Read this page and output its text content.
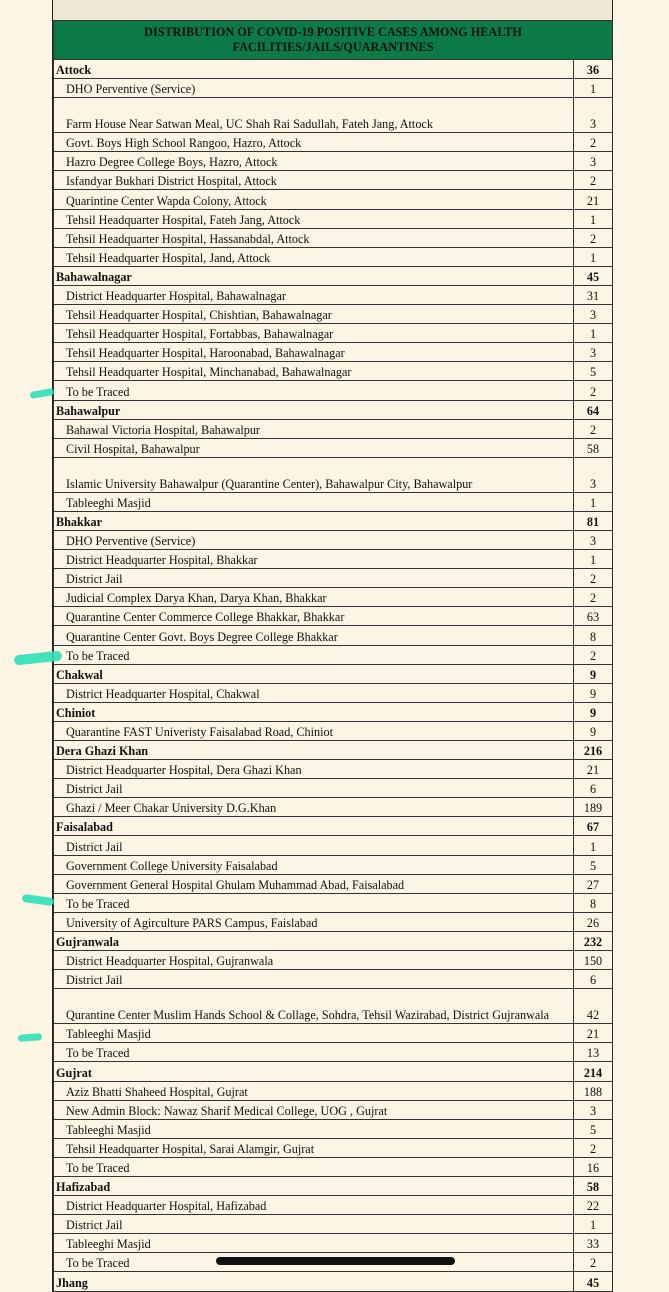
DISTRIBUTION OF COVID-19 POSITIVE CASES AMONG HEALTH FACILITIES/JAILS/QUARANTINES	
Attock	36
DHO Perventive (Service)	1
Farm House Near Satwan Meal, UC Shah Rai Sadullah, Fateh Jang, Attock	3
Govt. Boys High School Rangoo, Hazro, Attock	2
Hazro Degree College Boys, Hazro, Attock	3
Isfandyar Bukhari District Hospital, Attock	2
Quarintine Center Wapda Colony, Attock	21
Tehsil Headquarter Hospital, Fateh Jang, Attock	1
Tehsil Headquarter Hospital, Hassanabdal, Attock	2
Tehsil Headquarter Hospital, Jand, Attock	1
Bahawalnagar	45
District Headquarter Hospital, Bahawalnagar	31
Tehsil Headquarter Hospital, Chishtian, Bahawalnagar	3
Tehsil Headquarter Hospital, Fortabbas, Bahawalnagar	1
Tehsil Headquarter Hospital, Haroonabad, Bahawalnagar	3
Tehsil Headquarter Hospital, Minchanabad, Bahawalnagar	5
To be Traced	2
Bahawalpur	64
Bahawal Victoria Hospital, Bahawalpur	2
Civil Hospital, Bahawalpur	58
Islamic University Bahawalpur (Quarantine Center), Bahawalpur City, Bahawalpur	3
Tableeghi Masjid	1
Bhakkar	81
DHO Perventive (Service)	3
District Headquarter Hospital, Bhakkar	1
District Jail	2
Judicial Complex Darya Khan, Darya Khan, Bhakkar	2
Quarantine Center Commerce College Bhakkar, Bhakkar	63
Quarantine Center Govt. Boys Degree College Bhakkar	8
To be Traced	2
Chakwal	9
District Headquarter Hospital, Chakwal	9
Chiniot	9
Quarantine FAST Univeristy Faisalabad Road, Chiniot	9
Dera Ghazi Khan	216
District Headquarter Hospital, Dera Ghazi Khan	21
District Jail	6
Ghazi / Meer Chakar University D.G.Khan	189
Faisalabad	67
District Jail	1
Government College University Faisalabad	5
Government General Hospital Ghulam Muhammad Abad, Faisalabad	27
To be Traced	8
University of Agirculture PARS Campus, Faislabad	26
Gujranwala	232
District Headquarter Hospital, Gujranwala	150
District Jail	6
Qurantine Center Muslim Hands School & Collage, Sohdra, Tehsil Wazirabad, District Gujranwala	42
Tableeghi Masjid	21
To be Traced	13
Gujrat	214
Aziz Bhatti Shaheed Hospital, Gujrat	188
New Admin Block: Nawaz Sharif Medical College, UOG , Gujrat	3
Tableeghi Masjid	5
Tehsil Headquarter Hospital, Sarai Alamgir, Gujrat	2
To be Traced	16
Hafizabad	58
District Headquarter Hospital, Hafizabad	22
District Jail	1
Tableeghi Masjid	33
To be Traced	2
Jhang	45
